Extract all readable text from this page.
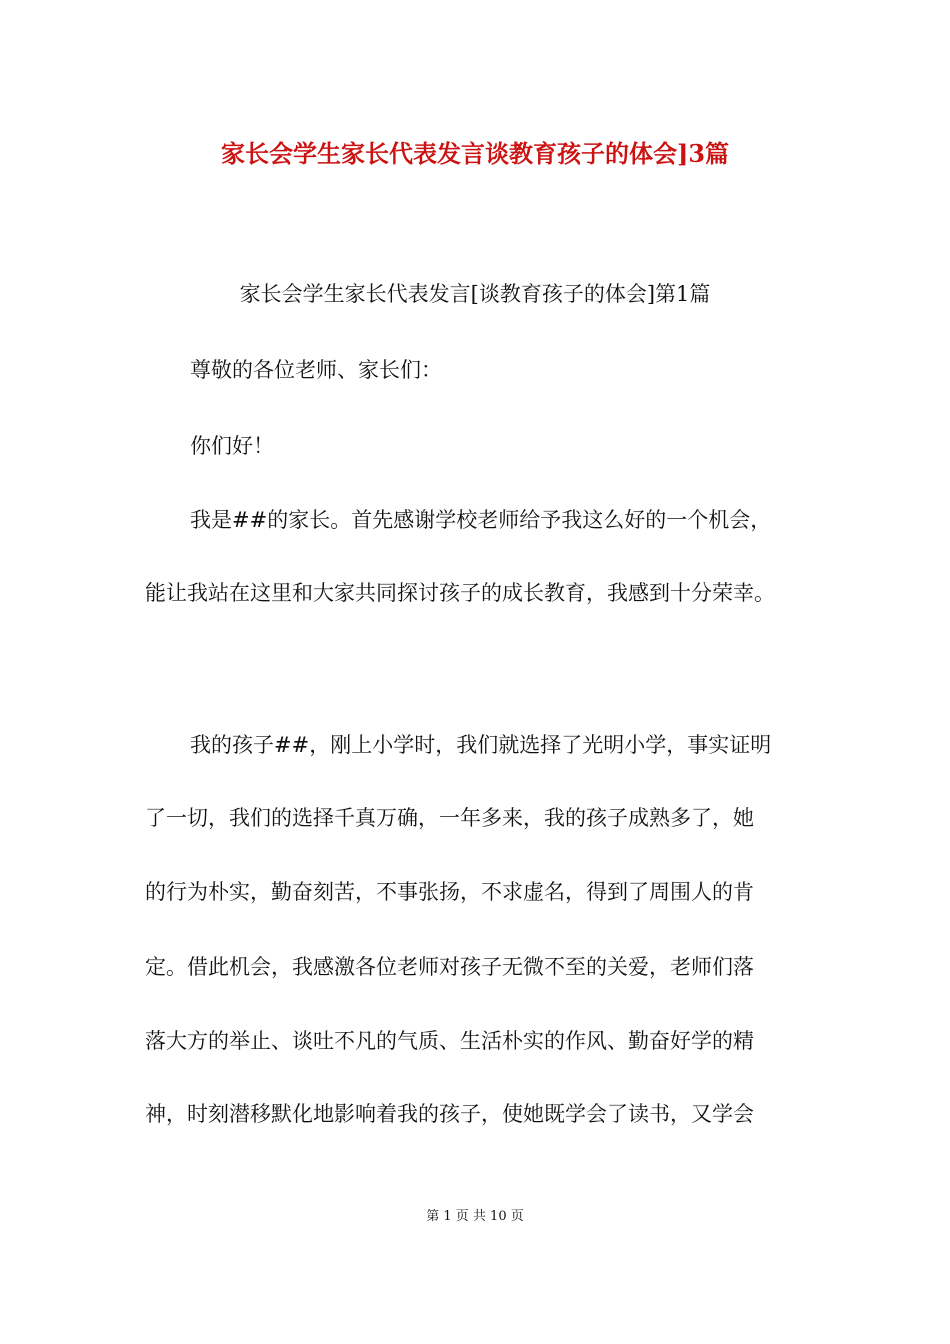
家长会学生家长代表发言谈教育孩子的体会]3篇
家长会学生家长代表发言[谈教育孩子的体会]第1篇
尊敬的各位老师、家长们：
你们好！
我是##的家长。首先感谢学校老师给予我这么好的一个机会，
能让我站在这里和大家共同探讨孩子的成长教育，我感到十分荣幸。
我的孩子##，刚上小学时，我们就选择了光明小学，事实证明
了一切，我们的选择千真万确，一年多来，我的孩子成熟多了，她
的行为朴实，勤奋刻苦，不事张扬，不求虚名，得到了周围人的肯
定。借此机会，我感激各位老师对孩子无微不至的关爱，老师们落
落大方的举止、谈吐不凡的气质、生活朴实的作风、勤奋好学的精
神，时刻潜移默化地影响着我的孩子，使她既学会了读书，又学会
第 1 页 共 10 页
